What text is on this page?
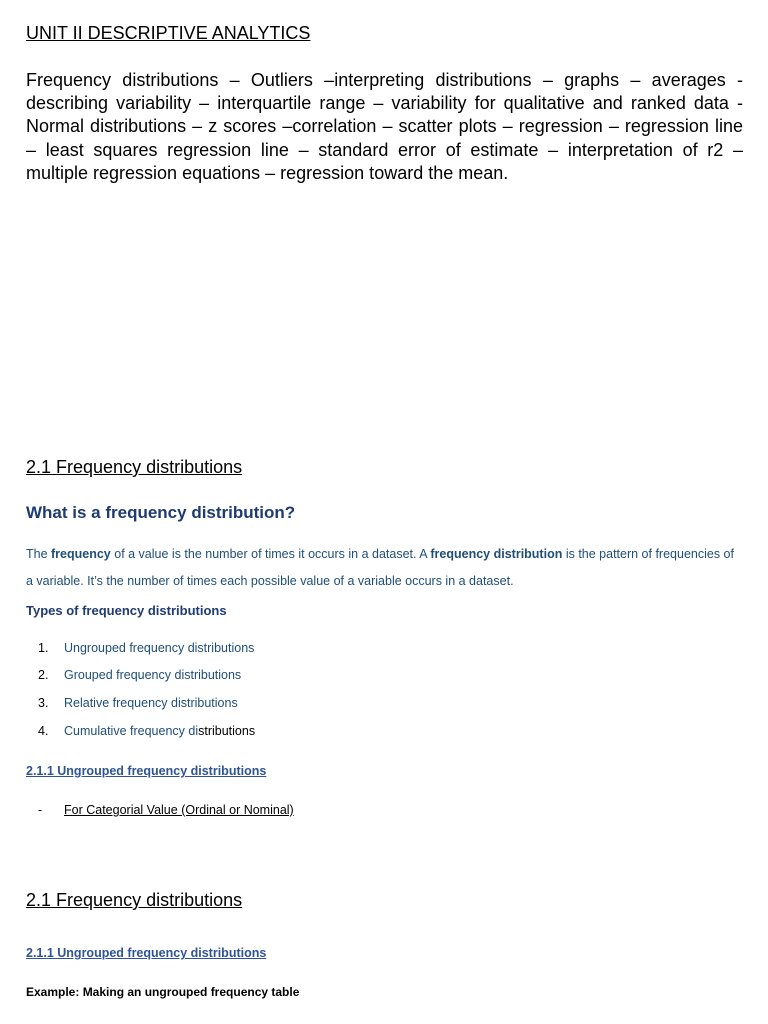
UNIT II DESCRIPTIVE ANALYTICS
Frequency distributions – Outliers –interpreting distributions – graphs – averages - describing variability – interquartile range – variability for qualitative and ranked data - Normal distributions – z scores –correlation – scatter plots – regression – regression line – least squares regression line – standard error of estimate – interpretation of r2 – multiple regression equations – regression toward the mean.
2.1 Frequency distributions
What is a frequency distribution?
The frequency of a value is the number of times it occurs in a dataset. A frequency distribution is the pattern of frequencies of a variable. It’s the number of times each possible value of a variable occurs in a dataset.
Types of frequency distributions
1. Ungrouped frequency distributions
2. Grouped frequency distributions
3. Relative frequency distributions
4. Cumulative frequency distributions
2.1.1 Ungrouped frequency distributions
- For Categorial Value (Ordinal or Nominal)
2.1 Frequency distributions
2.1.1 Ungrouped frequency distributions
Example: Making an ungrouped frequency table
